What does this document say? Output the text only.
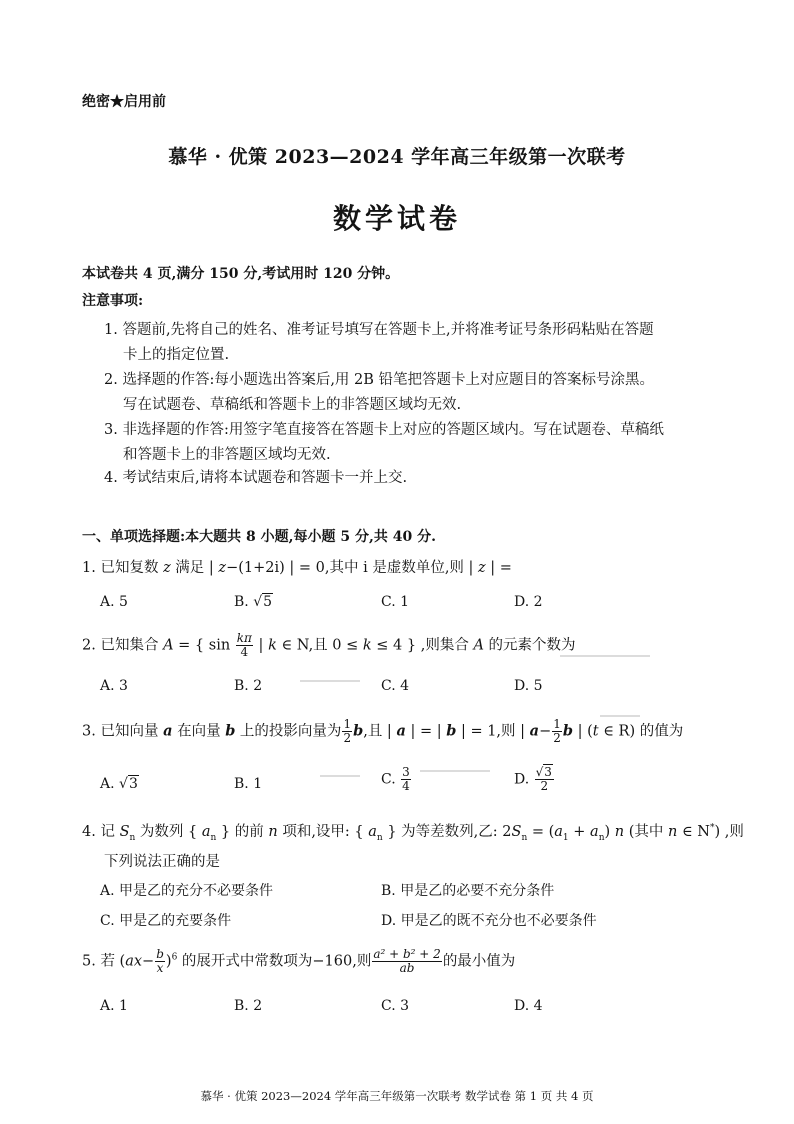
绝密★启用前
慕华 · 优策 2023—2024 学年高三年级第一次联考
数学试卷
本试卷共 4 页,满分 150 分,考试用时 120 分钟。
注意事项:
1. 答题前,先将自己的姓名、准考证号填写在答题卡上,并将准考证号条形码粘贴在答题
卡上的指定位置.
2. 选择题的作答:每小题选出答案后,用 2B 铅笔把答题卡上对应题目的答案标号涂黑。
写在试题卷、草稿纸和答题卡上的非答题区域均无效.
3. 非选择题的作答:用签字笔直接答在答题卡上对应的答题区域内。写在试题卷、草稿纸
和答题卡上的非答题区域均无效.
4. 考试结束后,请将本试题卷和答题卡一并上交.
一、单项选择题:本大题共 8 小题,每小题 5 分,共 40 分.
1. 已知复数 z 满足 | z−(1+2i) | = 0,其中 i 是虚数单位,则 | z | =
A. 5	B. √5	C. 1	D. 2
2. 已知集合 A = { $\sin \frac{k\pi}{4}$ | k ∈ N,且 0 ≤ k ≤ 4 } ,则集合 A 的元素个数为
A. 3	B. 2	C. 4	D. 5
3. 已知向量 a 在向量 b 上的投影向量为 $\frac{1}{2} b$,且 | a | = | b | = 1,则 | $a- \frac{1}{2}$ b | (t ∈ R) 的值为
A. √3	B. 1	C. $\frac{3}{4}$	D. $\frac{√3}{2}$
4. 记 $S_n$ 为数列 { $a_n$ } 的前 n 项和,设甲: { $a_n$ } 为等差数列,乙: $2S_n = (a_1 + a_n)$ n (其中 n ∈ N*) ,则
下列说法正确的是
A. 甲是乙的充分不必要条件	B. 甲是乙的必要不充分条件
C. 甲是乙的充要条件	D. 甲是乙的既不充分也不必要条件
5. 若 $(ax- \frac{b}{x} )^6$ 的展开式中常数项为−160,则 $\frac{\text{a² + b² + 2}}{ab}$ 的最小值为
A. 1	B. 2	C. 3	D. 4
慕华 · 优策 2023—2024 学年高三年级第一次联考 数学试卷 第 1 页 共 4 页
